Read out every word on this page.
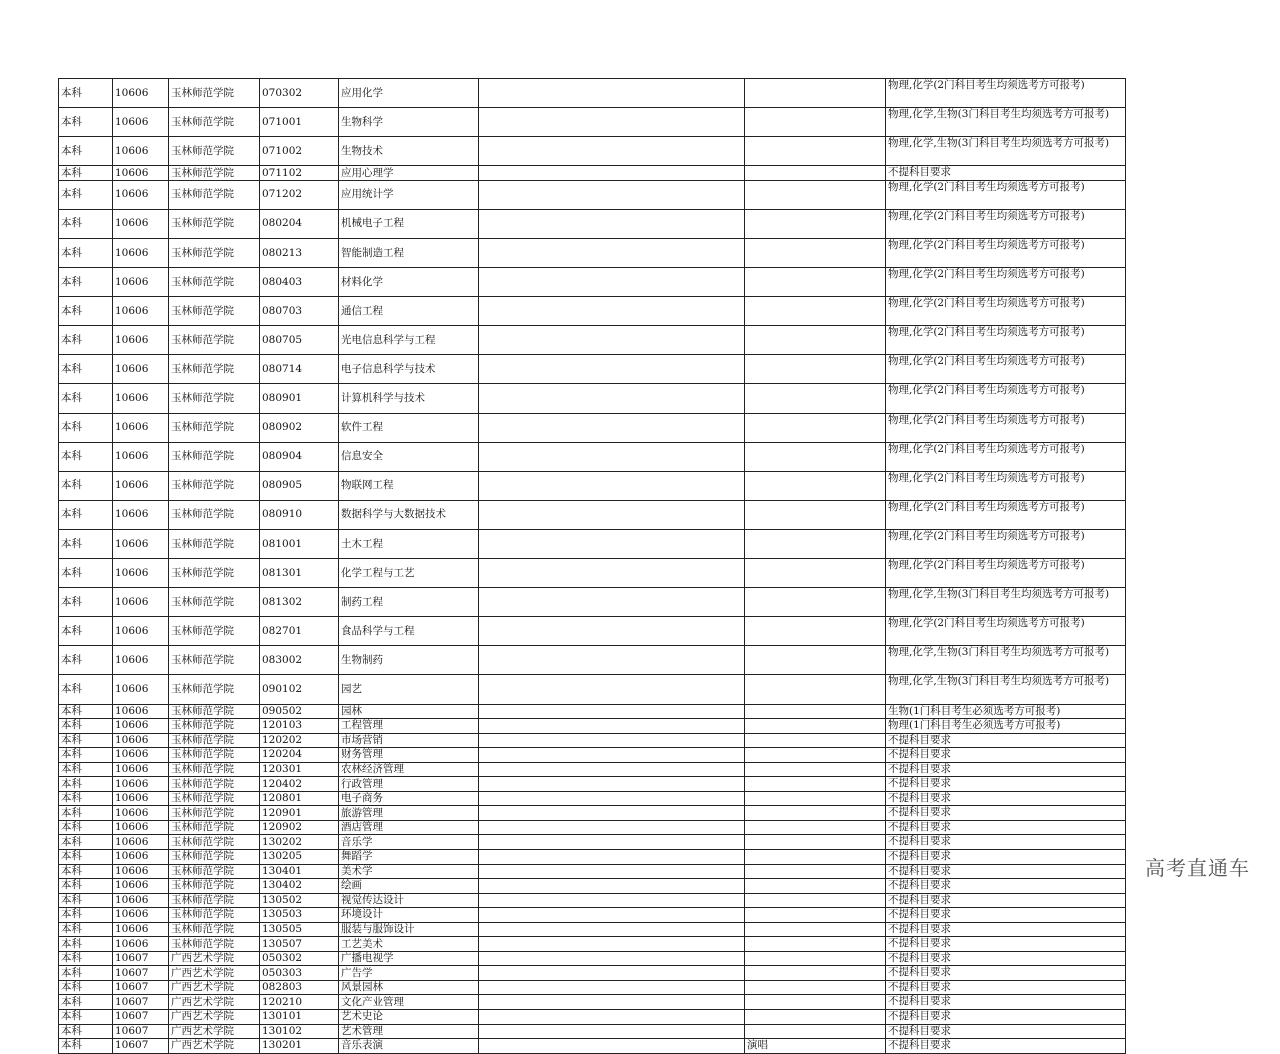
本科	10606	玉林师范学院	070302	应用化学			物理,化学(2门科目考生均须选考方可报考)
本科	10606	玉林师范学院	071001	生物科学			物理,化学,生物(3门科目考生均须选考方可报考)
本科	10606	玉林师范学院	071002	生物技术			物理,化学,生物(3门科目考生均须选考方可报考)
本科	10606	玉林师范学院	071102	应用心理学			不提科目要求
本科	10606	玉林师范学院	071202	应用统计学			物理,化学(2门科目考生均须选考方可报考)
本科	10606	玉林师范学院	080204	机械电子工程			物理,化学(2门科目考生均须选考方可报考)
本科	10606	玉林师范学院	080213	智能制造工程			物理,化学(2门科目考生均须选考方可报考)
本科	10606	玉林师范学院	080403	材料化学			物理,化学(2门科目考生均须选考方可报考)
本科	10606	玉林师范学院	080703	通信工程			物理,化学(2门科目考生均须选考方可报考)
本科	10606	玉林师范学院	080705	光电信息科学与工程			物理,化学(2门科目考生均须选考方可报考)
本科	10606	玉林师范学院	080714	电子信息科学与技术			物理,化学(2门科目考生均须选考方可报考)
本科	10606	玉林师范学院	080901	计算机科学与技术			物理,化学(2门科目考生均须选考方可报考)
本科	10606	玉林师范学院	080902	软件工程			物理,化学(2门科目考生均须选考方可报考)
本科	10606	玉林师范学院	080904	信息安全			物理,化学(2门科目考生均须选考方可报考)
本科	10606	玉林师范学院	080905	物联网工程			物理,化学(2门科目考生均须选考方可报考)
本科	10606	玉林师范学院	080910	数据科学与大数据技术			物理,化学(2门科目考生均须选考方可报考)
本科	10606	玉林师范学院	081001	土木工程			物理,化学(2门科目考生均须选考方可报考)
本科	10606	玉林师范学院	081301	化学工程与工艺			物理,化学(2门科目考生均须选考方可报考)
本科	10606	玉林师范学院	081302	制药工程			物理,化学,生物(3门科目考生均须选考方可报考)
本科	10606	玉林师范学院	082701	食品科学与工程			物理,化学(2门科目考生均须选考方可报考)
本科	10606	玉林师范学院	083002	生物制药			物理,化学,生物(3门科目考生均须选考方可报考)
本科	10606	玉林师范学院	090102	园艺			物理,化学,生物(3门科目考生均须选考方可报考)
本科	10606	玉林师范学院	090502	园林			生物(1门科目考生必须选考方可报考)
本科	10606	玉林师范学院	120103	工程管理			物理(1门科目考生必须选考方可报考)
本科	10606	玉林师范学院	120202	市场营销			不提科目要求
本科	10606	玉林师范学院	120204	财务管理			不提科目要求
本科	10606	玉林师范学院	120301	农林经济管理			不提科目要求
本科	10606	玉林师范学院	120402	行政管理			不提科目要求
本科	10606	玉林师范学院	120801	电子商务			不提科目要求
本科	10606	玉林师范学院	120901	旅游管理			不提科目要求
本科	10606	玉林师范学院	120902	酒店管理			不提科目要求
本科	10606	玉林师范学院	130202	音乐学			不提科目要求
本科	10606	玉林师范学院	130205	舞蹈学			不提科目要求
本科	10606	玉林师范学院	130401	美术学			不提科目要求
本科	10606	玉林师范学院	130402	绘画			不提科目要求
本科	10606	玉林师范学院	130502	视觉传达设计			不提科目要求
本科	10606	玉林师范学院	130503	环境设计			不提科目要求
本科	10606	玉林师范学院	130505	服装与服饰设计			不提科目要求
本科	10606	玉林师范学院	130507	工艺美术			不提科目要求
本科	10607	广西艺术学院	050302	广播电视学			不提科目要求
本科	10607	广西艺术学院	050303	广告学			不提科目要求
本科	10607	广西艺术学院	082803	风景园林			不提科目要求
本科	10607	广西艺术学院	120210	文化产业管理			不提科目要求
本科	10607	广西艺术学院	130101	艺术史论			不提科目要求
本科	10607	广西艺术学院	130102	艺术管理			不提科目要求
本科	10607	广西艺术学院	130201	音乐表演		演唱	不提科目要求
高考直通车
